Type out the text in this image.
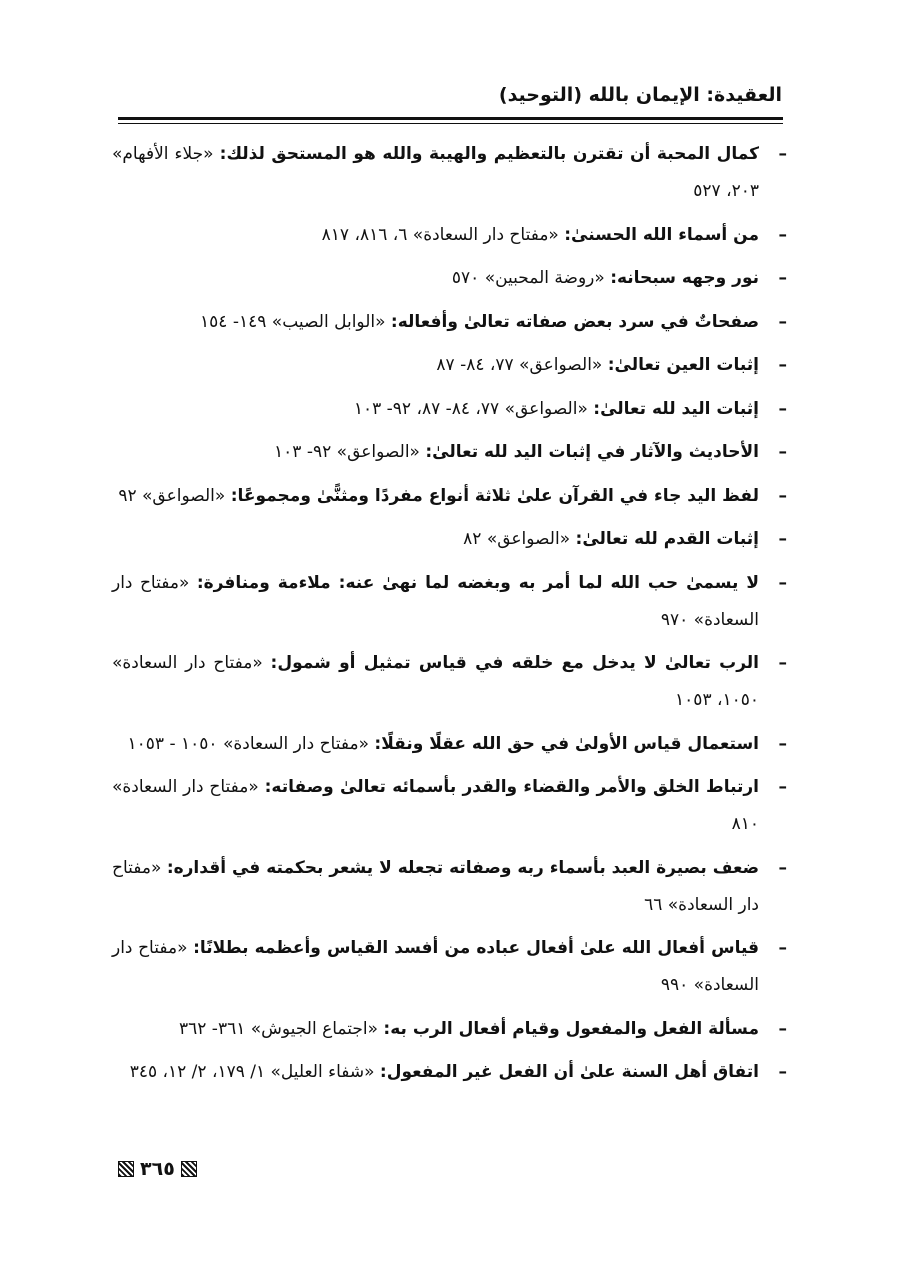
العقيدة: الإيمان بالله (التوحيد)
– كمال المحبة أن تقترن بالتعظيم والهيبة والله هو المستحق لذلك: «جلاء الأفهام» ٢٠٣، ٥٢٧
– من أسماء الله الحسنىٰ: «مفتاح دار السعادة» ٦، ٨١٦، ٨١٧
– نور وجهه سبحانه: «روضة المحبين» ٥٧٠
– صفحاتٌ في سرد بعض صفاته تعالىٰ وأفعاله: «الوابل الصيب» ١٤٩- ١٥٤
– إثبات العين تعالىٰ: «الصواعق» ٧٧، ٨٤- ٨٧
– إثبات اليد لله تعالىٰ: «الصواعق» ٧٧، ٨٤- ٨٧، ٩٢- ١٠٣
– الأحاديث والآثار في إثبات اليد لله تعالىٰ: «الصواعق» ٩٢- ١٠٣
– لفظ اليد جاء في القرآن علىٰ ثلاثة أنواع مفردًا ومثنًّىٰ ومجموعًا: «الصواعق» ٩٢
– إثبات القدم لله تعالىٰ: «الصواعق» ٨٢
– لا يسمىٰ حب الله لما أمر به وبغضه لما نهىٰ عنه: ملاءمة ومنافرة: «مفتاح دار السعادة» ٩٧٠
– الرب تعالىٰ لا يدخل مع خلقه في قياس تمثيل أو شمول: «مفتاح دار السعادة» ١٠٥٠، ١٠٥٣
– استعمال قياس الأولىٰ في حق الله عقلًا ونقلًا: «مفتاح دار السعادة» ١٠٥٠ - ١٠٥٣
– ارتباط الخلق والأمر والقضاء والقدر بأسمائه تعالىٰ وصفاته: «مفتاح دار السعادة» ٨١٠
– ضعف بصيرة العبد بأسماء ربه وصفاته تجعله لا يشعر بحكمته في أقداره: «مفتاح دار السعادة» ٦٦
– قياس أفعال الله علىٰ أفعال عباده من أفسد القياس وأعظمه بطلانًا: «مفتاح دار السعادة» ٩٩٠
– مسألة الفعل والمفعول وقيام أفعال الرب به: «اجتماع الجيوش» ٣٦١- ٣٦٢
– اتفاق أهل السنة علىٰ أن الفعل غير المفعول: «شفاء العليل» ١/ ١٧٩، ٢/ ١٢، ٣٤٥
٣٦٥
